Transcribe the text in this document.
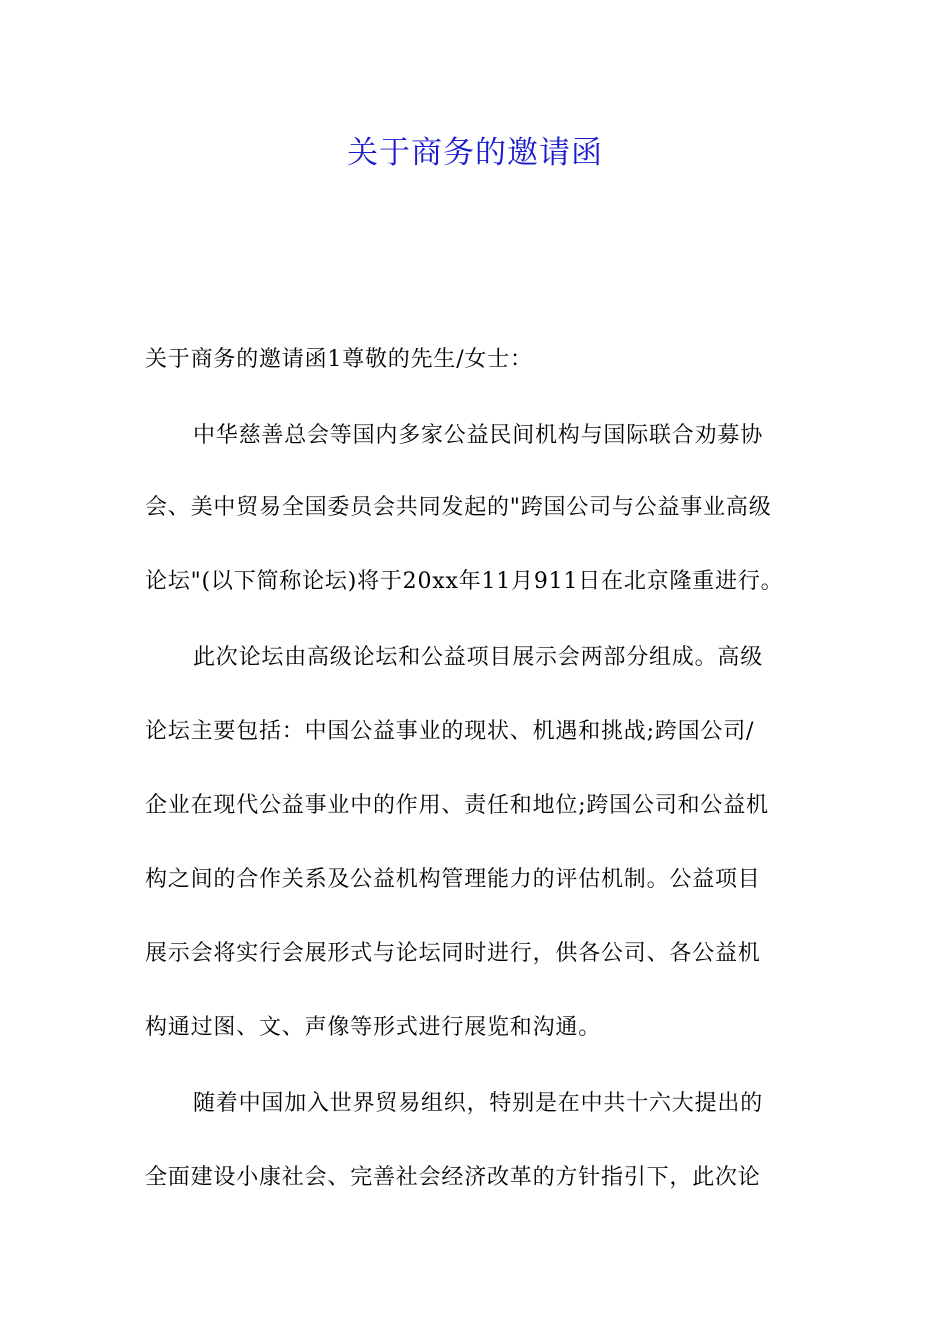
关于商务的邀请函
关于商务的邀请函1尊敬的先生/女士：
中华慈善总会等国内多家公益民间机构与国际联合劝募协
会、美中贸易全国委员会共同发起的"跨国公司与公益事业高级
论坛"(以下简称论坛)将于20xx年11月911日在北京隆重进行。
此次论坛由高级论坛和公益项目展示会两部分组成。高级
论坛主要包括：中国公益事业的现状、机遇和挑战;跨国公司/
企业在现代公益事业中的作用、责任和地位;跨国公司和公益机
构之间的合作关系及公益机构管理能力的评估机制。公益项目
展示会将实行会展形式与论坛同时进行，供各公司、各公益机
构通过图、文、声像等形式进行展览和沟通。
随着中国加入世界贸易组织，特别是在中共十六大提出的
全面建设小康社会、完善社会经济改革的方针指引下，此次论
